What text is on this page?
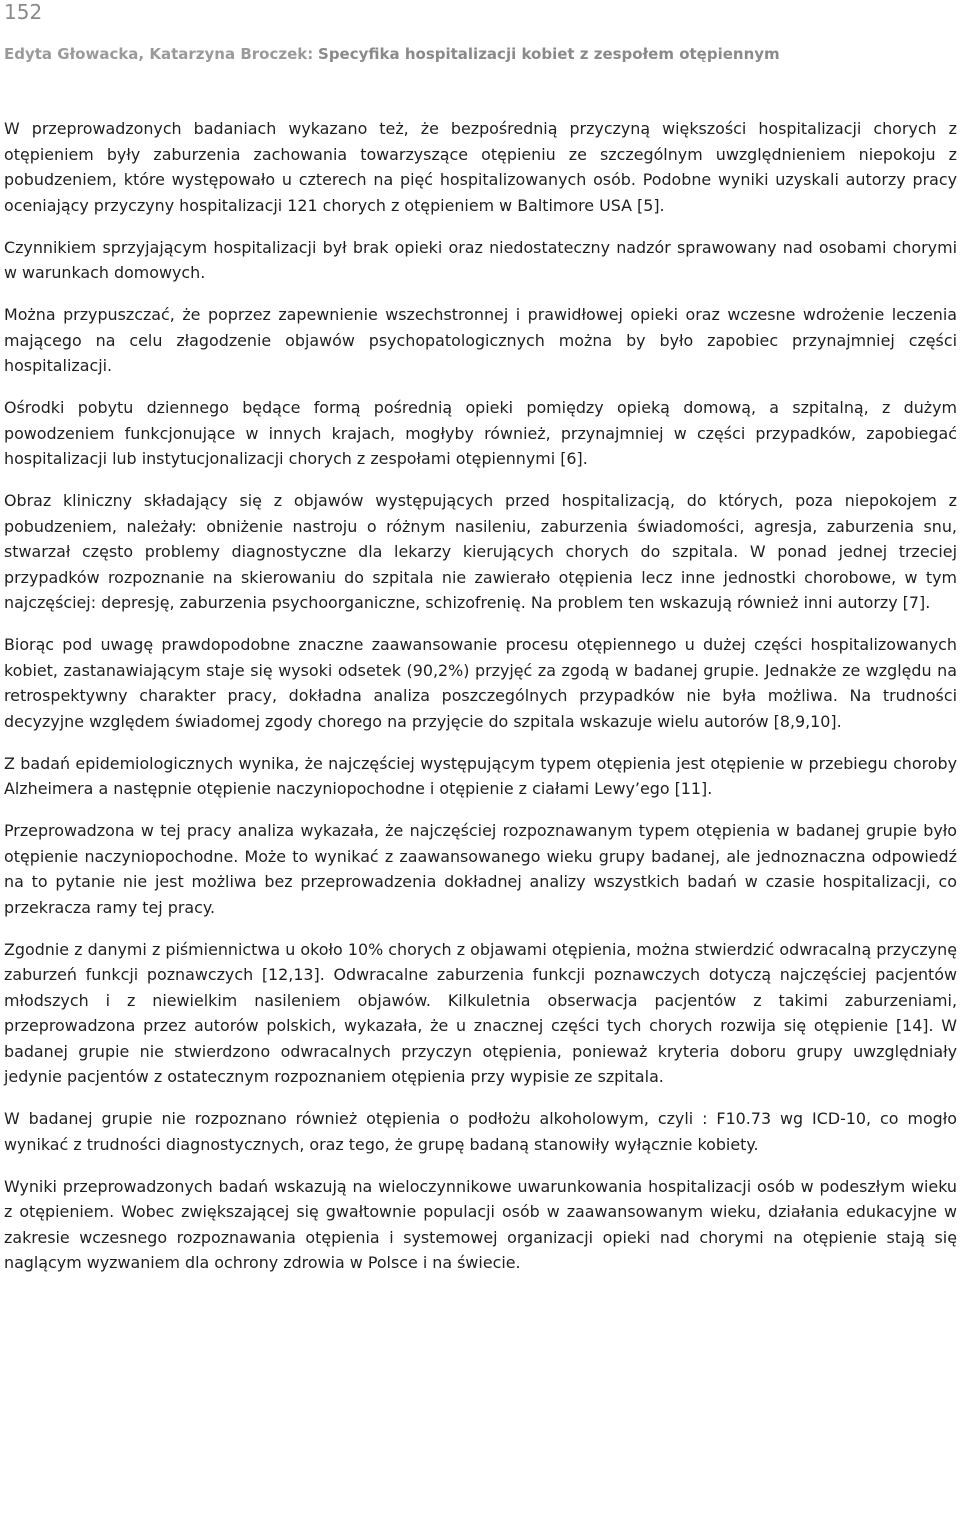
152
Edyta Głowacka, Katarzyna Broczek: Specyfika hospitalizacji kobiet z zespołem otępiennym

W przeprowadzonych badaniach wykazano też, że bezpośrednią przyczyną większości hospitalizacji chorych z otępieniem były zaburzenia zachowania towarzyszące otępieniu ze szczególnym uwzględnieniem niepokoju z pobudzeniem, które występowało u czterech na pięć hospitalizowanych osób. Podobne wyniki uzyskali autorzy pracy oceniający przyczyny hospitalizacji 121 chorych z otępieniem w Baltimore USA [5].

Czynnikiem sprzyjającym hospitalizacji był brak opieki oraz niedostateczny nadzór sprawowany nad osobami chorymi w warunkach domowych.

Można przypuszczać, że poprzez zapewnienie wszechstronnej i prawidłowej opieki oraz wczesne wdrożenie leczenia mającego na celu złagodzenie objawów psychopatologicznych można by było zapobiec przynajmniej części hospitalizacji.

Ośrodki pobytu dziennego będące formą pośrednią opieki pomiędzy opieką domową, a szpitalną, z dużym powodzeniem funkcjonujące w innych krajach, mogłyby również, przynajmniej w części przypadków, zapobiegać hospitalizacji lub instytucjonalizacji chorych z zespołami otępiennymi [6].

Obraz kliniczny składający się z objawów występujących przed hospitalizacją, do których, poza niepokojem z pobudzeniem, należały: obniżenie nastroju o różnym nasileniu, zaburzenia świadomości, agresja, zaburzenia snu, stwarzał często problemy diagnostyczne dla lekarzy kierujących chorych do szpitala. W ponad jednej trzeciej przypadków rozpoznanie na skierowaniu do szpitala nie zawierało otępienia lecz inne jednostki chorobowe, w tym najczęściej: depresję, zaburzenia psychoorganiczne, schizofrenię. Na problem ten wskazują również inni autorzy [7].

Biorąc pod uwagę prawdopodobne znaczne zaawansowanie procesu otępiennego u dużej części hospitalizowanych kobiet, zastanawiającym staje się wysoki odsetek (90,2%) przyjęć za zgodą w badanej grupie. Jednakże ze względu na retrospektywny charakter pracy, dokładna analiza poszczególnych przypadków nie była możliwa. Na trudności decyzyjne względem świadomej zgody chorego na przyjęcie do szpitala wskazuje wielu autorów [8,9,10].

Z badań epidemiologicznych wynika, że najczęściej występującym typem otępienia jest otępienie w przebiegu choroby Alzheimera a następnie otępienie naczyniopochodne i otępienie z ciałami Lewy’ego [11].

Przeprowadzona w tej pracy analiza wykazała, że najczęściej rozpoznawanym typem otępienia w badanej grupie było otępienie naczyniopochodne. Może to wynikać z zaawansowanego wieku grupy badanej, ale jednoznaczna odpowiedź na to pytanie nie jest możliwa bez przeprowadzenia dokładnej analizy wszystkich badań w czasie hospitalizacji, co przekracza ramy tej pracy.

Zgodnie z danymi z piśmiennictwa u około 10% chorych z objawami otępienia, można stwierdzić odwracalną przyczynę zaburzeń funkcji poznawczych [12,13]. Odwracalne zaburzenia funkcji poznawczych dotyczą najczęściej pacjentów młodszych i z niewielkim nasileniem objawów. Kilkuletnia obserwacja pacjentów z takimi zaburzeniami, przeprowadzona przez autorów polskich, wykazała, że u znacznej części tych chorych rozwija się otępienie [14]. W badanej grupie nie stwierdzono odwracalnych przyczyn otępienia, ponieważ kryteria doboru grupy uwzględniały jedynie pacjentów z ostatecznym rozpoznaniem otępienia przy wypisie ze szpitala.

W badanej grupie nie rozpoznano również otępienia o podłożu alkoholowym, czyli : F10.73 wg ICD-10, co mogło wynikać z trudności diagnostycznych, oraz tego, że grupę badaną stanowiły wyłącznie kobiety.

Wyniki przeprowadzonych badań wskazują na wieloczynnikowe uwarunkowania hospitalizacji osób w podeszłym wieku z otępieniem. Wobec zwiększającej się gwałtownie populacji osób w zaawansowanym wieku, działania edukacyjne w zakresie wczesnego rozpoznawania otępienia i systemowej organizacji opieki nad chorymi na otępienie stają się naglącym wyzwaniem dla ochrony zdrowia w Polsce i na świecie.
